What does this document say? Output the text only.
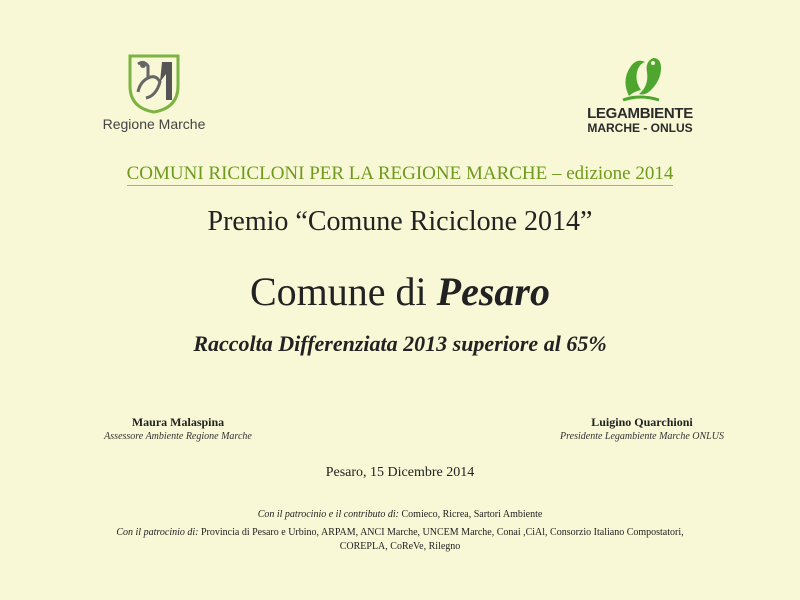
Regione Marche
LEGAMBIENTE
MARCHE - ONLUS
COMUNI RICICLONI PER LA REGIONE MARCHE – edizione 2014
Premio “Comune Riciclone 2014”
Comune di Pesaro
Raccolta Differenziata 2013 superiore al 65%
Maura Malaspina
Assessore Ambiente Regione Marche
Luigino Quarchioni
Presidente Legambiente Marche ONLUS
Pesaro, 15 Dicembre 2014
Con il patrocinio e il contributo di: Comieco, Ricrea, Sartori Ambiente
Con il patrocinio di: Provincia di Pesaro e Urbino, ARPAM, ANCI Marche, UNCEM Marche, Conai ,CiAl, Consorzio Italiano Compostatori,
COREPLA, CoReVe, Rilegno
